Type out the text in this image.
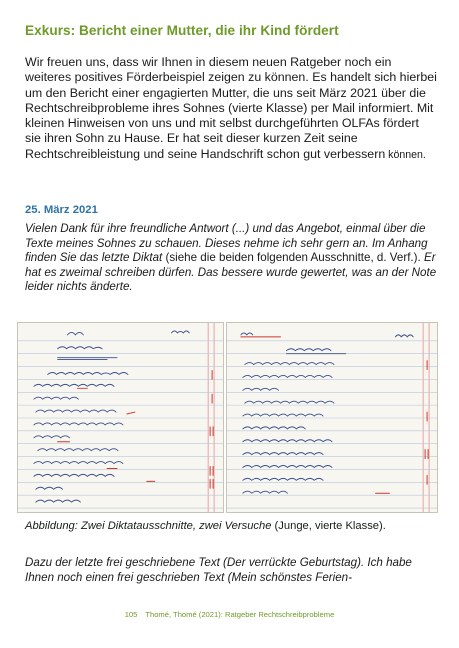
Exkurs: Bericht einer Mutter, die ihr Kind fördert

Wir freuen uns, dass wir Ihnen in diesem neuen Ratgeber noch ein weiteres positives Förderbeispiel zeigen zu können. Es handelt sich hierbei um den Bericht einer engagierten Mutter, die uns seit März 2021 über die Rechtschreibprobleme ihres Sohnes (vierte Klasse) per Mail informiert. Mit kleinen Hinweisen von uns und mit selbst durchgeführten OLFAs fördert sie ihren Sohn zu Hause. Er hat seit dieser kurzen Zeit seine Rechtschreibleistung und seine Handschrift schon gut verbessern können.

25. März 2021

Vielen Dank für ihre freundliche Antwort (...) und das Angebot, einmal über die Texte meines Sohnes zu schauen. Dieses nehme ich sehr gern an. Im Anhang finden Sie das letzte Diktat (siehe die beiden folgenden Ausschnitte, d. Verf.). Er hat es zweimal schreiben dürfen. Das bessere wurde gewertet, was an der Note leider nichts änderte.

Abbildung: Zwei Diktatausschnitte, zwei Versuche (Junge, vierte Klasse).

Dazu der letzte frei geschriebene Text (Der verrückte Geburtstag). Ich habe Ihnen noch einen frei geschrieben Text (Mein schönstes Ferien-

105 Thomé, Thomé (2021): Ratgeber Rechtschreibprobleme
